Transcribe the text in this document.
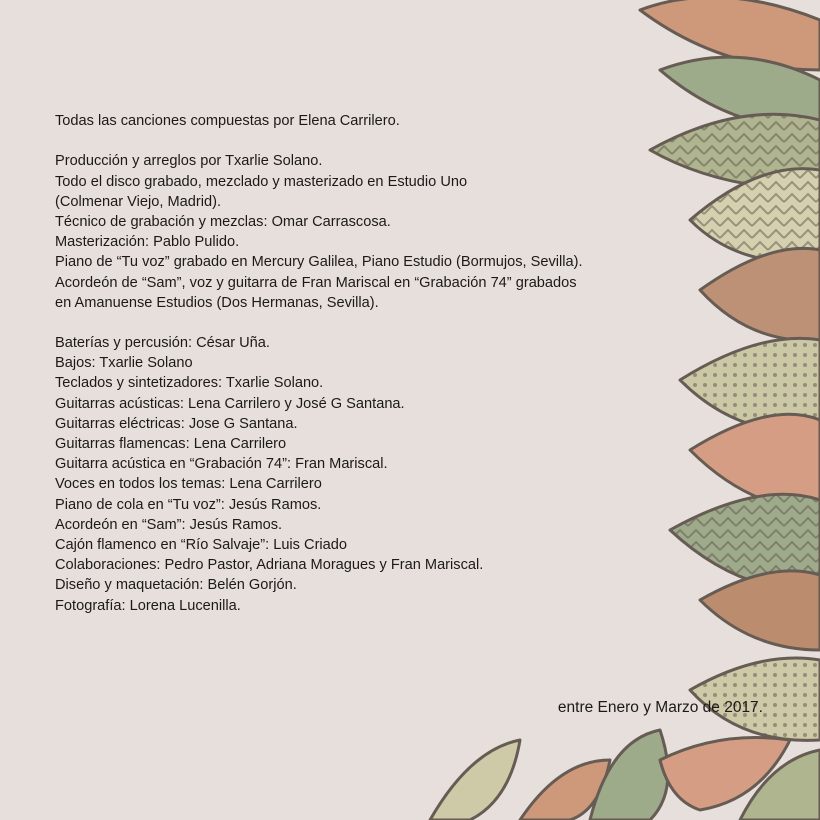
Todas las canciones compuestas por Elena Carrilero.
Producción y arreglos por Txarlie Solano.
Todo el disco grabado, mezclado y masterizado en Estudio Uno
(Colmenar Viejo, Madrid).
Técnico de grabación y mezclas: Omar Carrascosa.
Masterización: Pablo Pulido.
Piano de “Tu voz” grabado en Mercury Galilea, Piano Estudio (Bormujos, Sevilla).
Acordeón de “Sam”, voz y guitarra de Fran Mariscal en “Grabación 74” grabados
en Amanuense Estudios (Dos Hermanas, Sevilla).
Baterías y percusión: César Uña.
Bajos: Txarlie Solano
Teclados y sintetizadores: Txarlie Solano.
Guitarras acústicas: Lena Carrilero y José G Santana.
Guitarras eléctricas: Jose G Santana.
Guitarras flamencas: Lena Carrilero
Guitarra acústica en “Grabación 74”: Fran Mariscal.
Voces en todos los temas: Lena Carrilero
Piano de cola en “Tu voz”: Jesús Ramos.
Acordeón en “Sam”: Jesús Ramos.
Cajón flamenco en “Río Salvaje”: Luis Criado
Colaboraciones: Pedro Pastor, Adriana Moragues y Fran Mariscal.
Diseño y maquetación: Belén Gorjón.
Fotografía: Lorena Lucenilla.
entre Enero y Marzo de 2017.
